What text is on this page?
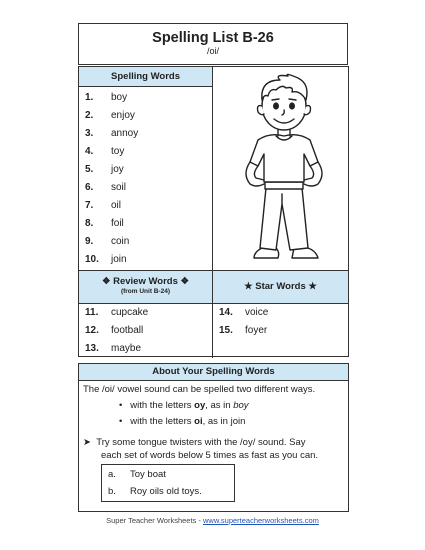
Spelling List B-26
/oi/
Spelling Words
1. boy
2. enjoy
3. annoy
4. toy
5. joy
6. soil
7. oil
8. foil
9. coin
10. join
❖ Review Words ❖
(from Unit B-24)	★ Star Words ★
11. cupcake
12. football
13. maybe
14. voice
15. foyer
About Your Spelling Words
The /oi/ vowel sound can be spelled two different ways.
•   with the letters oy, as in boy
•   with the letters oi, as in join
➤  Try some tongue twisters with the /oy/ sound. Say
each set of words below 5 times as fast as you can.
a. Toy boat
b. Roy oils old toys.
Super Teacher Worksheets - www.superteacherworksheets.com
